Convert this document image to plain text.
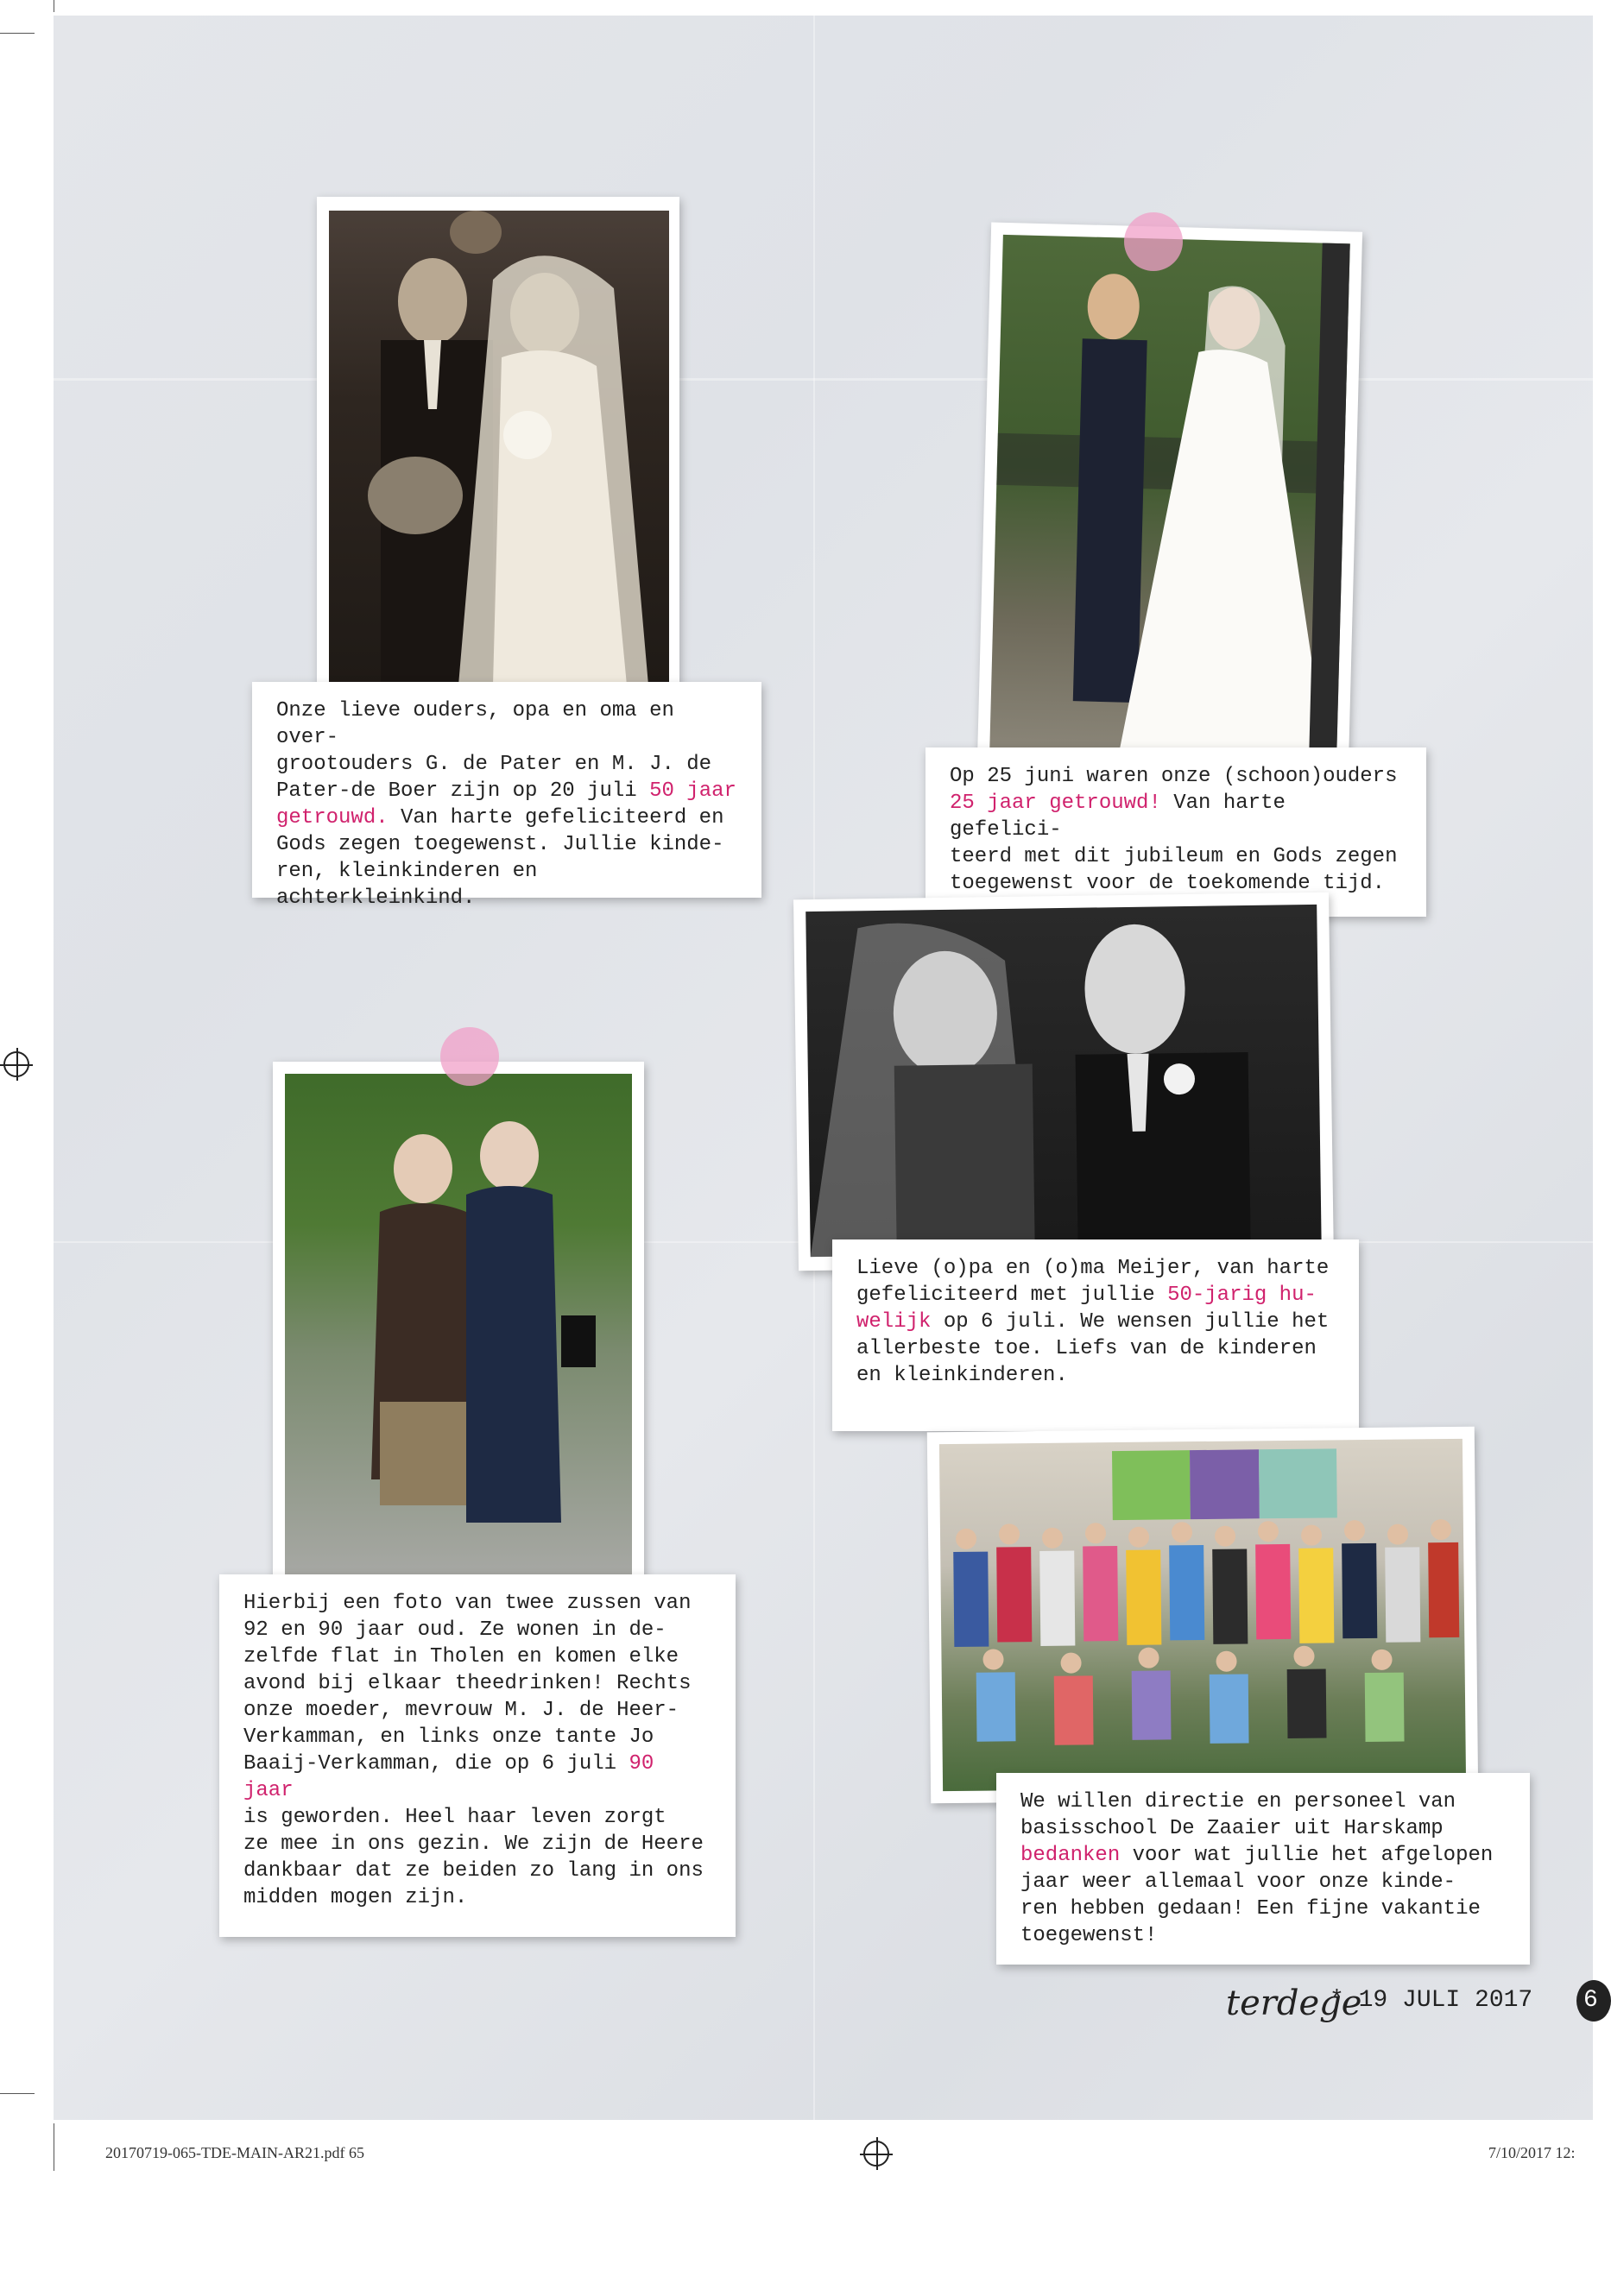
Onze lieve ouders, opa en oma en over-
grootouders G. de Pater en M. J. de
Pater-de Boer zijn op 20 juli 50 jaar
getrouwd. Van harte gefeliciteerd en
Gods zegen toegewenst. Jullie kinde-
ren, kleinkinderen en achterkleinkind.
Op 25 juni waren onze (schoon)ouders
25 jaar getrouwd! Van harte gefelici-
teerd met dit jubileum en Gods zegen
toegewenst voor de toekomende tijd.
Lieve (o)pa en (o)ma Meijer, van harte
gefeliciteerd met jullie 50-jarig hu-
welijk op 6 juli. We wensen jullie het
allerbeste toe. Liefs van de kinderen
en kleinkinderen.
Hierbij een foto van twee zussen van
92 en 90 jaar oud. Ze wonen in de-
zelfde flat in Tholen en komen elke
avond bij elkaar theedrinken! Rechts
onze moeder, mevrouw M. J. de Heer-
Verkamman, en links onze tante Jo
Baaij-Verkamman, die op 6 juli 90 jaar
is geworden. Heel haar leven zorgt
ze mee in ons gezin. We zijn de Heere
dankbaar dat ze beiden zo lang in ons
midden mogen zijn.
We willen directie en personeel van
basisschool De Zaaier uit Harskamp
bedanken voor wat jullie het afgelopen
jaar weer allemaal voor onze kinde-
ren hebben gedaan! Een fijne vakantie
toegewenst!
terdege
* 19 JULI 2017 6
20170719-065-TDE-MAIN-AR21.pdf 65	7/10/2017 12:
